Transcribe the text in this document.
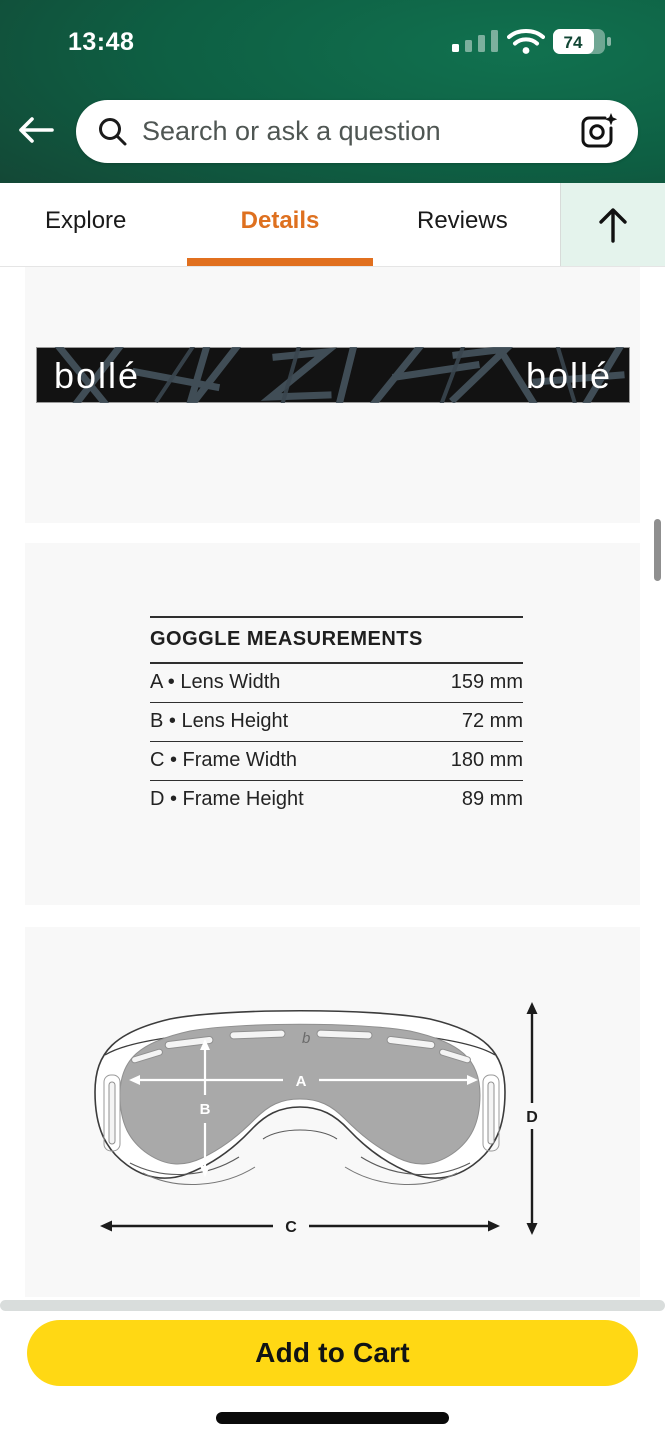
13:48	74
Search or ask a question
Explore	Details	Reviews
bollé	bollé
GOGGLE MEASUREMENTS
A • Lens Width	159 mm
B • Lens Height	72 mm
C • Frame Width	180 mm
D • Frame Height	89 mm
b
A
B
C
D
Add to Cart
